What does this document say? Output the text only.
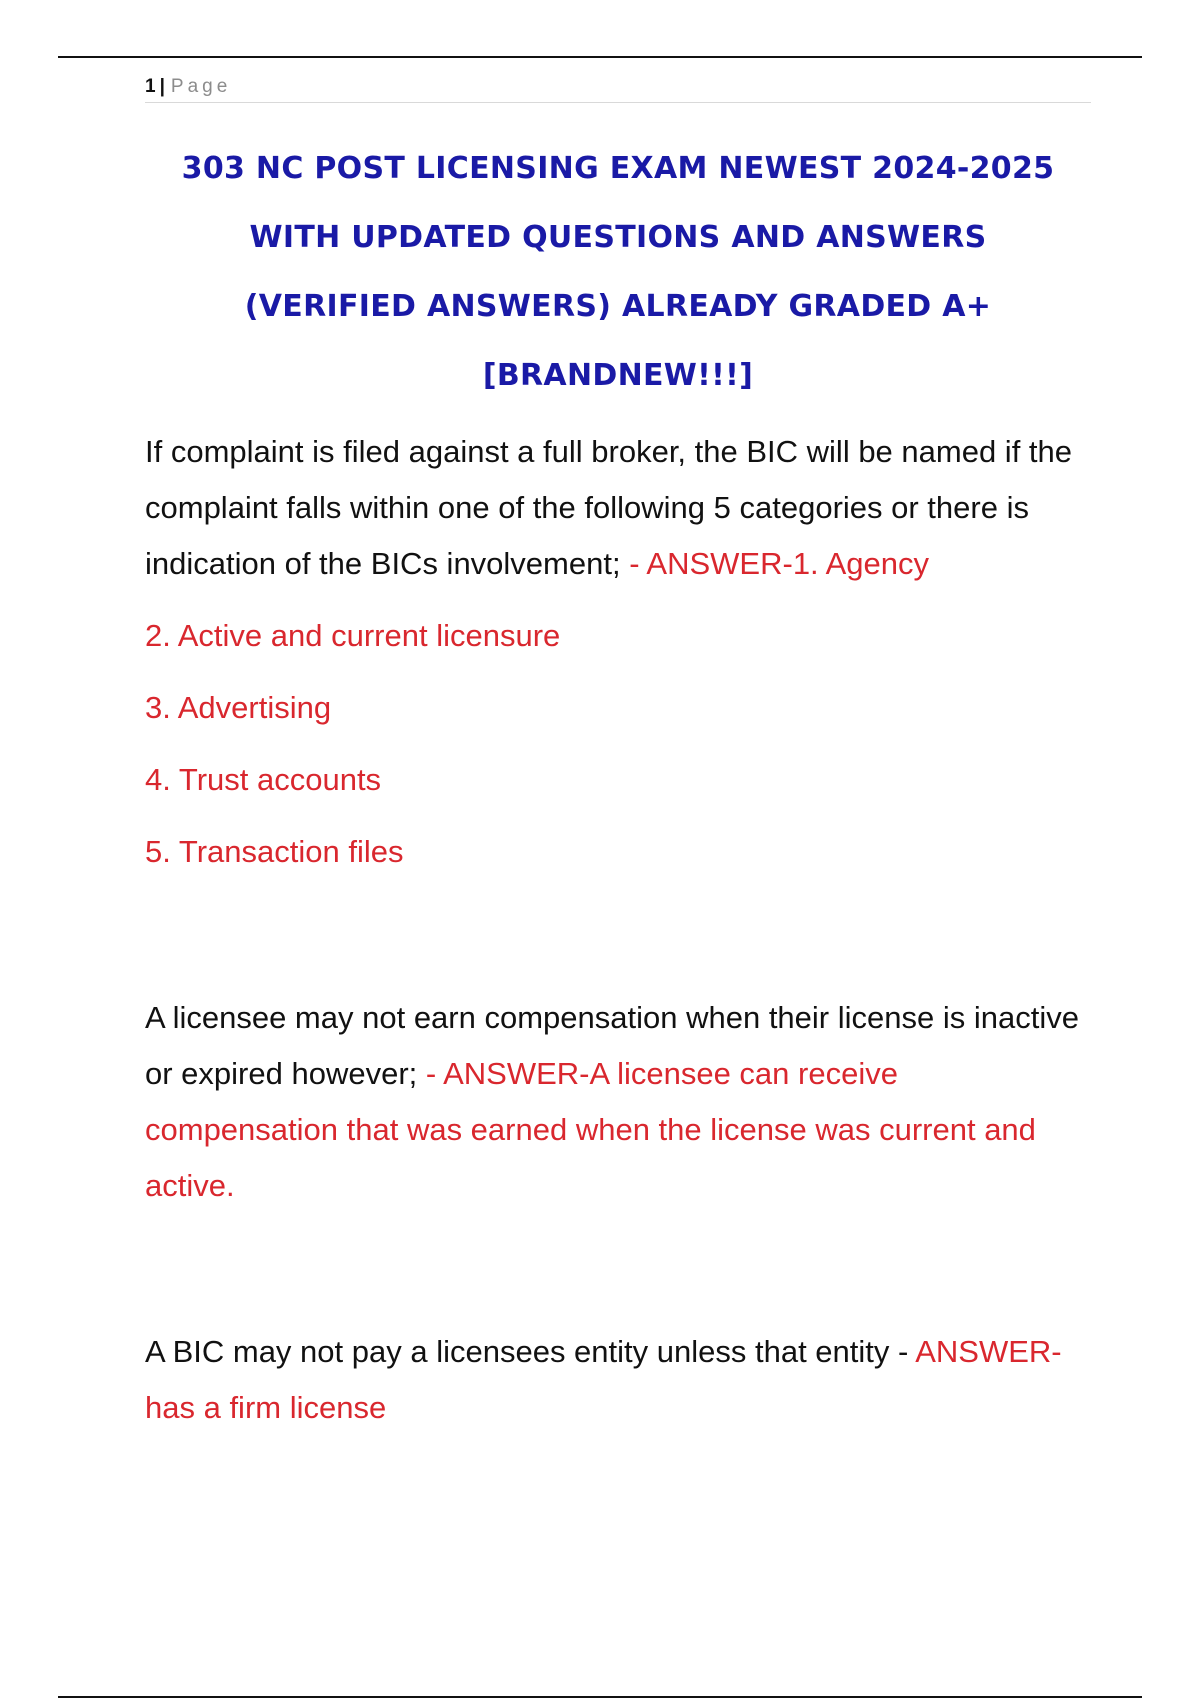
1 | Page
303 NC POST LICENSING EXAM NEWEST 2024-2025
WITH UPDATED QUESTIONS AND ANSWERS
(VERIFIED ANSWERS) ALREADY GRADED A+
[BRANDNEW!!!]
If complaint is filed against a full broker, the BIC will be named if the complaint falls within one of the following 5 categories or there is indication of the BICs involvement; - ANSWER-1. Agency
2. Active and current licensure
3. Advertising
4. Trust accounts
5. Transaction files
A licensee may not earn compensation when their license is inactive or expired however; - ANSWER-A licensee can receive compensation that was earned when the license was current and active.
A BIC may not pay a licensees entity unless that entity - ANSWER-has a firm license
